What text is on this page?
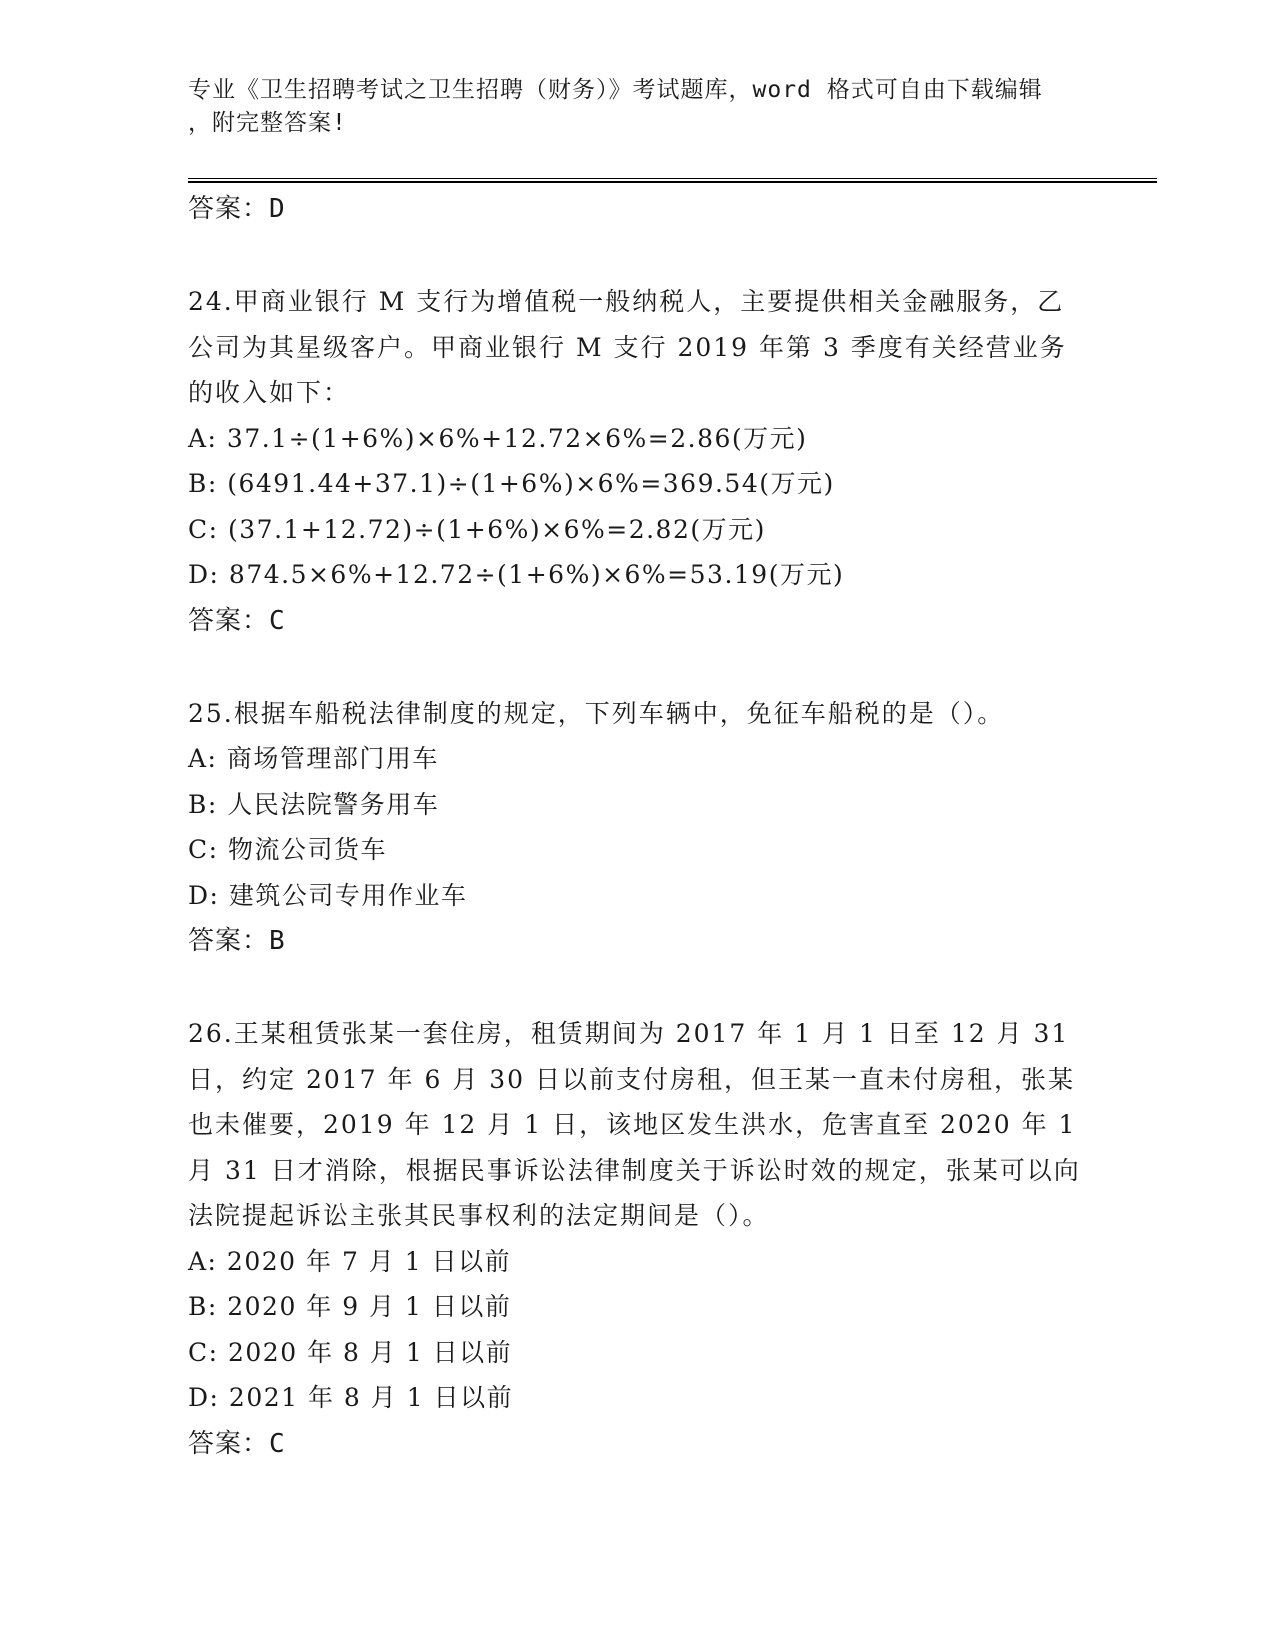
专业《卫生招聘考试之卫生招聘（财务）》考试题库，word 格式可自由下载编辑
，附完整答案!

答案：D

24.甲商业银行 M 支行为增值税一般纳税人，主要提供相关金融服务，乙公司为其星级客户。甲商业银行 M 支行 2019 年第 3 季度有关经营业务的收入如下：

A: 37.1÷(1+6%)×6%+12.72×6%=2.86(万元)

B: (6491.44+37.1)÷(1+6%)×6%=369.54(万元)

C: (37.1+12.72)÷(1+6%)×6%=2.82(万元)

D: 874.5×6%+12.72÷(1+6%)×6%=53.19(万元)

答案：C

25.根据车船税法律制度的规定，下列车辆中，免征车船税的是（）。

A: 商场管理部门用车

B: 人民法院警务用车

C: 物流公司货车

D: 建筑公司专用作业车

答案：B

26.王某租赁张某一套住房，租赁期间为 2017 年 1 月 1 日至 12 月 31 日，约定 2017 年 6 月 30 日以前支付房租，但王某一直未付房租，张某也未催要，2019 年 12 月 1 日，该地区发生洪水，危害直至 2020 年 1 月 31 日才消除，根据民事诉讼法律制度关于诉讼时效的规定，张某可以向法院提起诉讼主张其民事权利的法定期间是（）。

A: 2020 年 7 月 1 日以前

B: 2020 年 9 月 1 日以前

C: 2020 年 8 月 1 日以前

D: 2021 年 8 月 1 日以前

答案：C
